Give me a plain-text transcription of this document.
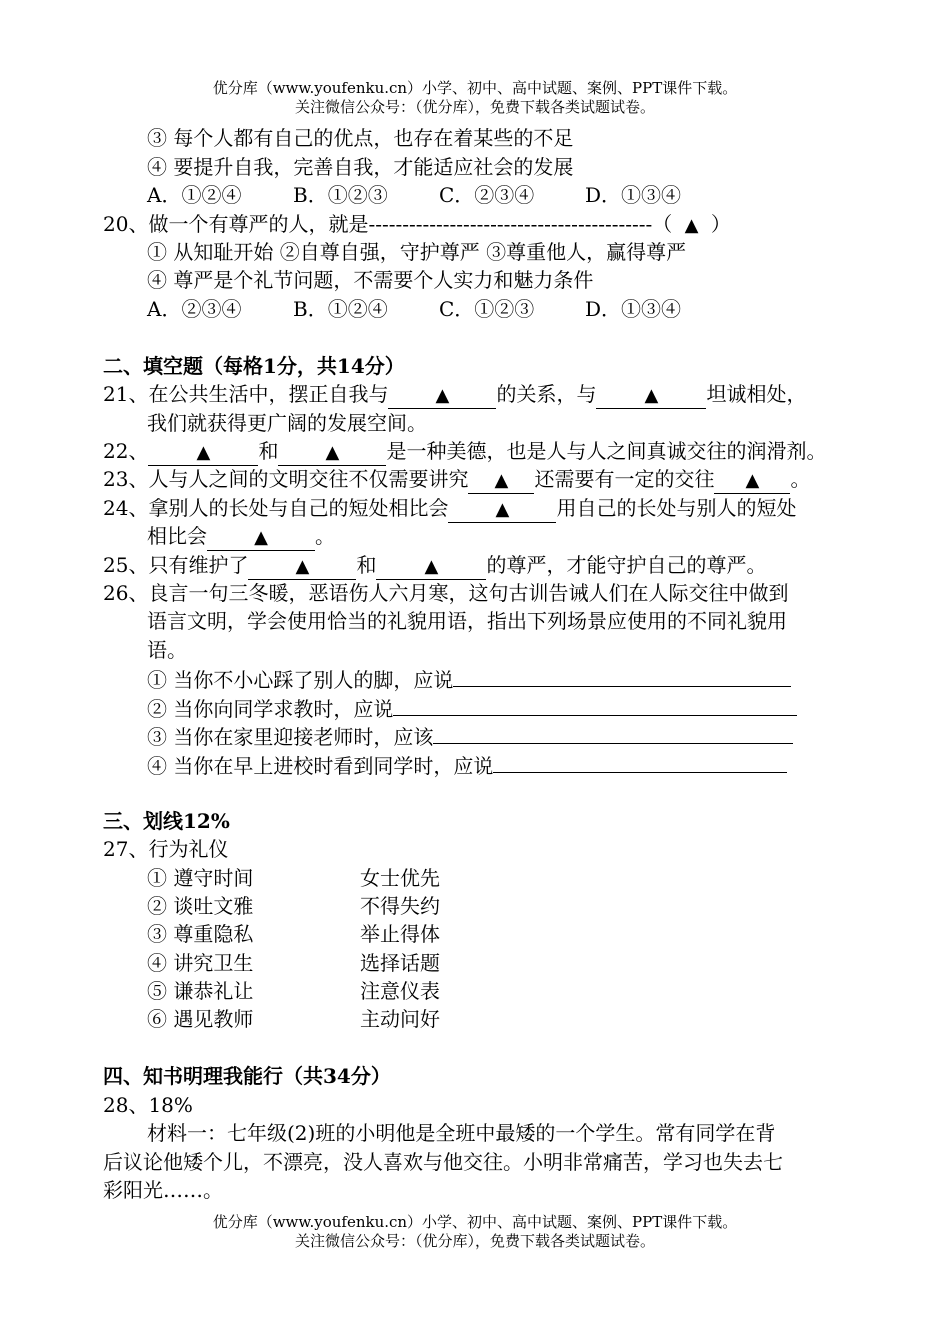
优分库（www.youfenku.cn）小学、初中、高中试题、案例、PPT课件下载。
关注微信公众号：（优分库），免费下载各类试题试卷。
③ 每个人都有自己的优点，也存在着某些的不足
④ 要提升自我，完善自我，才能适应社会的发展
A．①②④	B．①②③	C．②③④	D．①③④
20、做一个有尊严的人，就是------------------------------------------（ ▲ ）
① 从知耻开始 ②自尊自强，守护尊严 ③尊重他人，赢得尊严
④ 尊严是个礼节问题，不需要个人实力和魅力条件
A．②③④	B．①②④	C．①②③	D．①③④
二、填空题（每格1分，共14分）
21、在公共生活中，摆正自我与	▲ 的关系，与	▲ 坦诚相处，
我们就获得更广阔的发展空间。
22、	▲ 和	▲ 是一种美德，也是人与人之间真诚交往的润滑剂。
23、人与人之间的文明交往不仅需要讲究 ▲ 还需要有一定的交往 ▲ 。
24、拿别人的长处与自己的短处相比会	▲ 用自己的长处与别人的短处
相比会	▲ 。
25、只有维护了	▲ 和	▲ 的尊严，才能守护自己的尊严。
26、良言一句三冬暖，恶语伤人六月寒，这句古训告诫人们在人际交往中做到
语言文明，学会使用恰当的礼貌用语，指出下列场景应使用的不同礼貌用
语。
① 当你不小心踩了别人的脚，应说
② 当你向同学求教时，应说
③ 当你在家里迎接老师时，应该
④ 当你在早上进校时看到同学时，应说
三、划线12%
27、行为礼仪
① 遵守时间	女士优先
② 谈吐文雅	不得失约
③ 尊重隐私	举止得体
④ 讲究卫生	选择话题
⑤ 谦恭礼让	注意仪表
⑥ 遇见教师	主动问好
四、知书明理我能行（共34分）
28、18%
材料一：七年级(2)班的小明他是全班中最矮的一个学生。常有同学在背
后议论他矮个儿，不漂亮，没人喜欢与他交往。小明非常痛苦，学习也失去七
彩阳光……。
优分库（www.youfenku.cn）小学、初中、高中试题、案例、PPT课件下载。
关注微信公众号：（优分库），免费下载各类试题试卷。
